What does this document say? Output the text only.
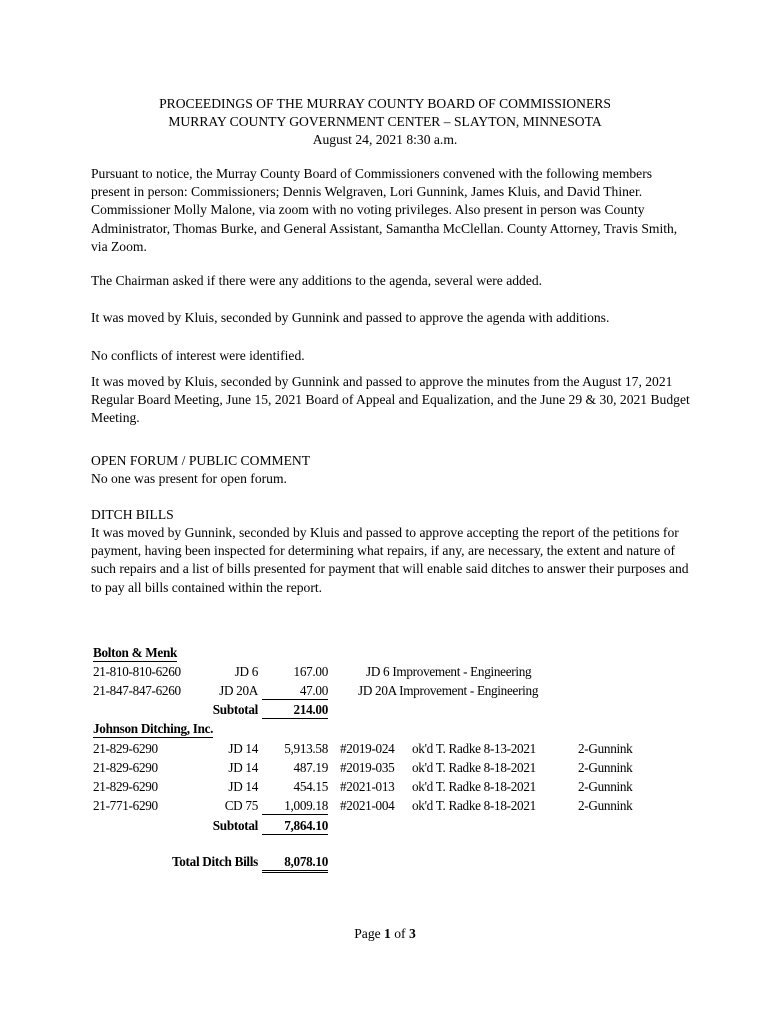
PROCEEDINGS OF THE MURRAY COUNTY BOARD OF COMMISSIONERS
MURRAY COUNTY GOVERNMENT CENTER – SLAYTON, MINNESOTA
August 24, 2021 8:30 a.m.
Pursuant to notice, the Murray County Board of Commissioners convened with the following members present in person: Commissioners; Dennis Welgraven, Lori Gunnink, James Kluis, and David Thiner. Commissioner Molly Malone, via zoom with no voting privileges. Also present in person was County Administrator, Thomas Burke, and General Assistant, Samantha McClellan. County Attorney, Travis Smith, via Zoom.
The Chairman asked if there were any additions to the agenda, several were added.
It was moved by Kluis, seconded by Gunnink and passed to approve the agenda with additions.
No conflicts of interest were identified.
It was moved by Kluis, seconded by Gunnink and passed to approve the minutes from the August 17, 2021 Regular Board Meeting, June 15, 2021 Board of Appeal and Equalization, and the June 29 & 30, 2021 Budget Meeting.
OPEN FORUM / PUBLIC COMMENT
No one was present for open forum.
DITCH BILLS
It was moved by Gunnink, seconded by Kluis and passed to approve accepting the report of the petitions for payment, having been inspected for determining what repairs, if any, are necessary, the extent and nature of such repairs and a list of bills presented for payment that will enable said ditches to answer their purposes and to pay all bills contained within the report.
Bolton & Menk
21-810-810-6260	JD 6	167.00	JD 6 Improvement - Engineering
21-847-847-6260	JD 20A	47.00 JD 20A Improvement - Engineering
Subtotal	214.00
Johnson Ditching, Inc.
21-829-6290	JD 14	5,913.58 #2019-024 ok'd T. Radke 8-13-2021	2-Gunnink
21-829-6290	JD 14	487.19 #2019-035 ok'd T. Radke 8-18-2021	2-Gunnink
21-829-6290	JD 14	454.15 #2021-013 ok'd T. Radke 8-18-2021	2-Gunnink
21-771-6290	CD 75	1,009.18 #2021-004 ok'd T. Radke 8-18-2021	2-Gunnink
Subtotal	7,864.10
Total Ditch Bills	8,078.10
Page 1 of 3
